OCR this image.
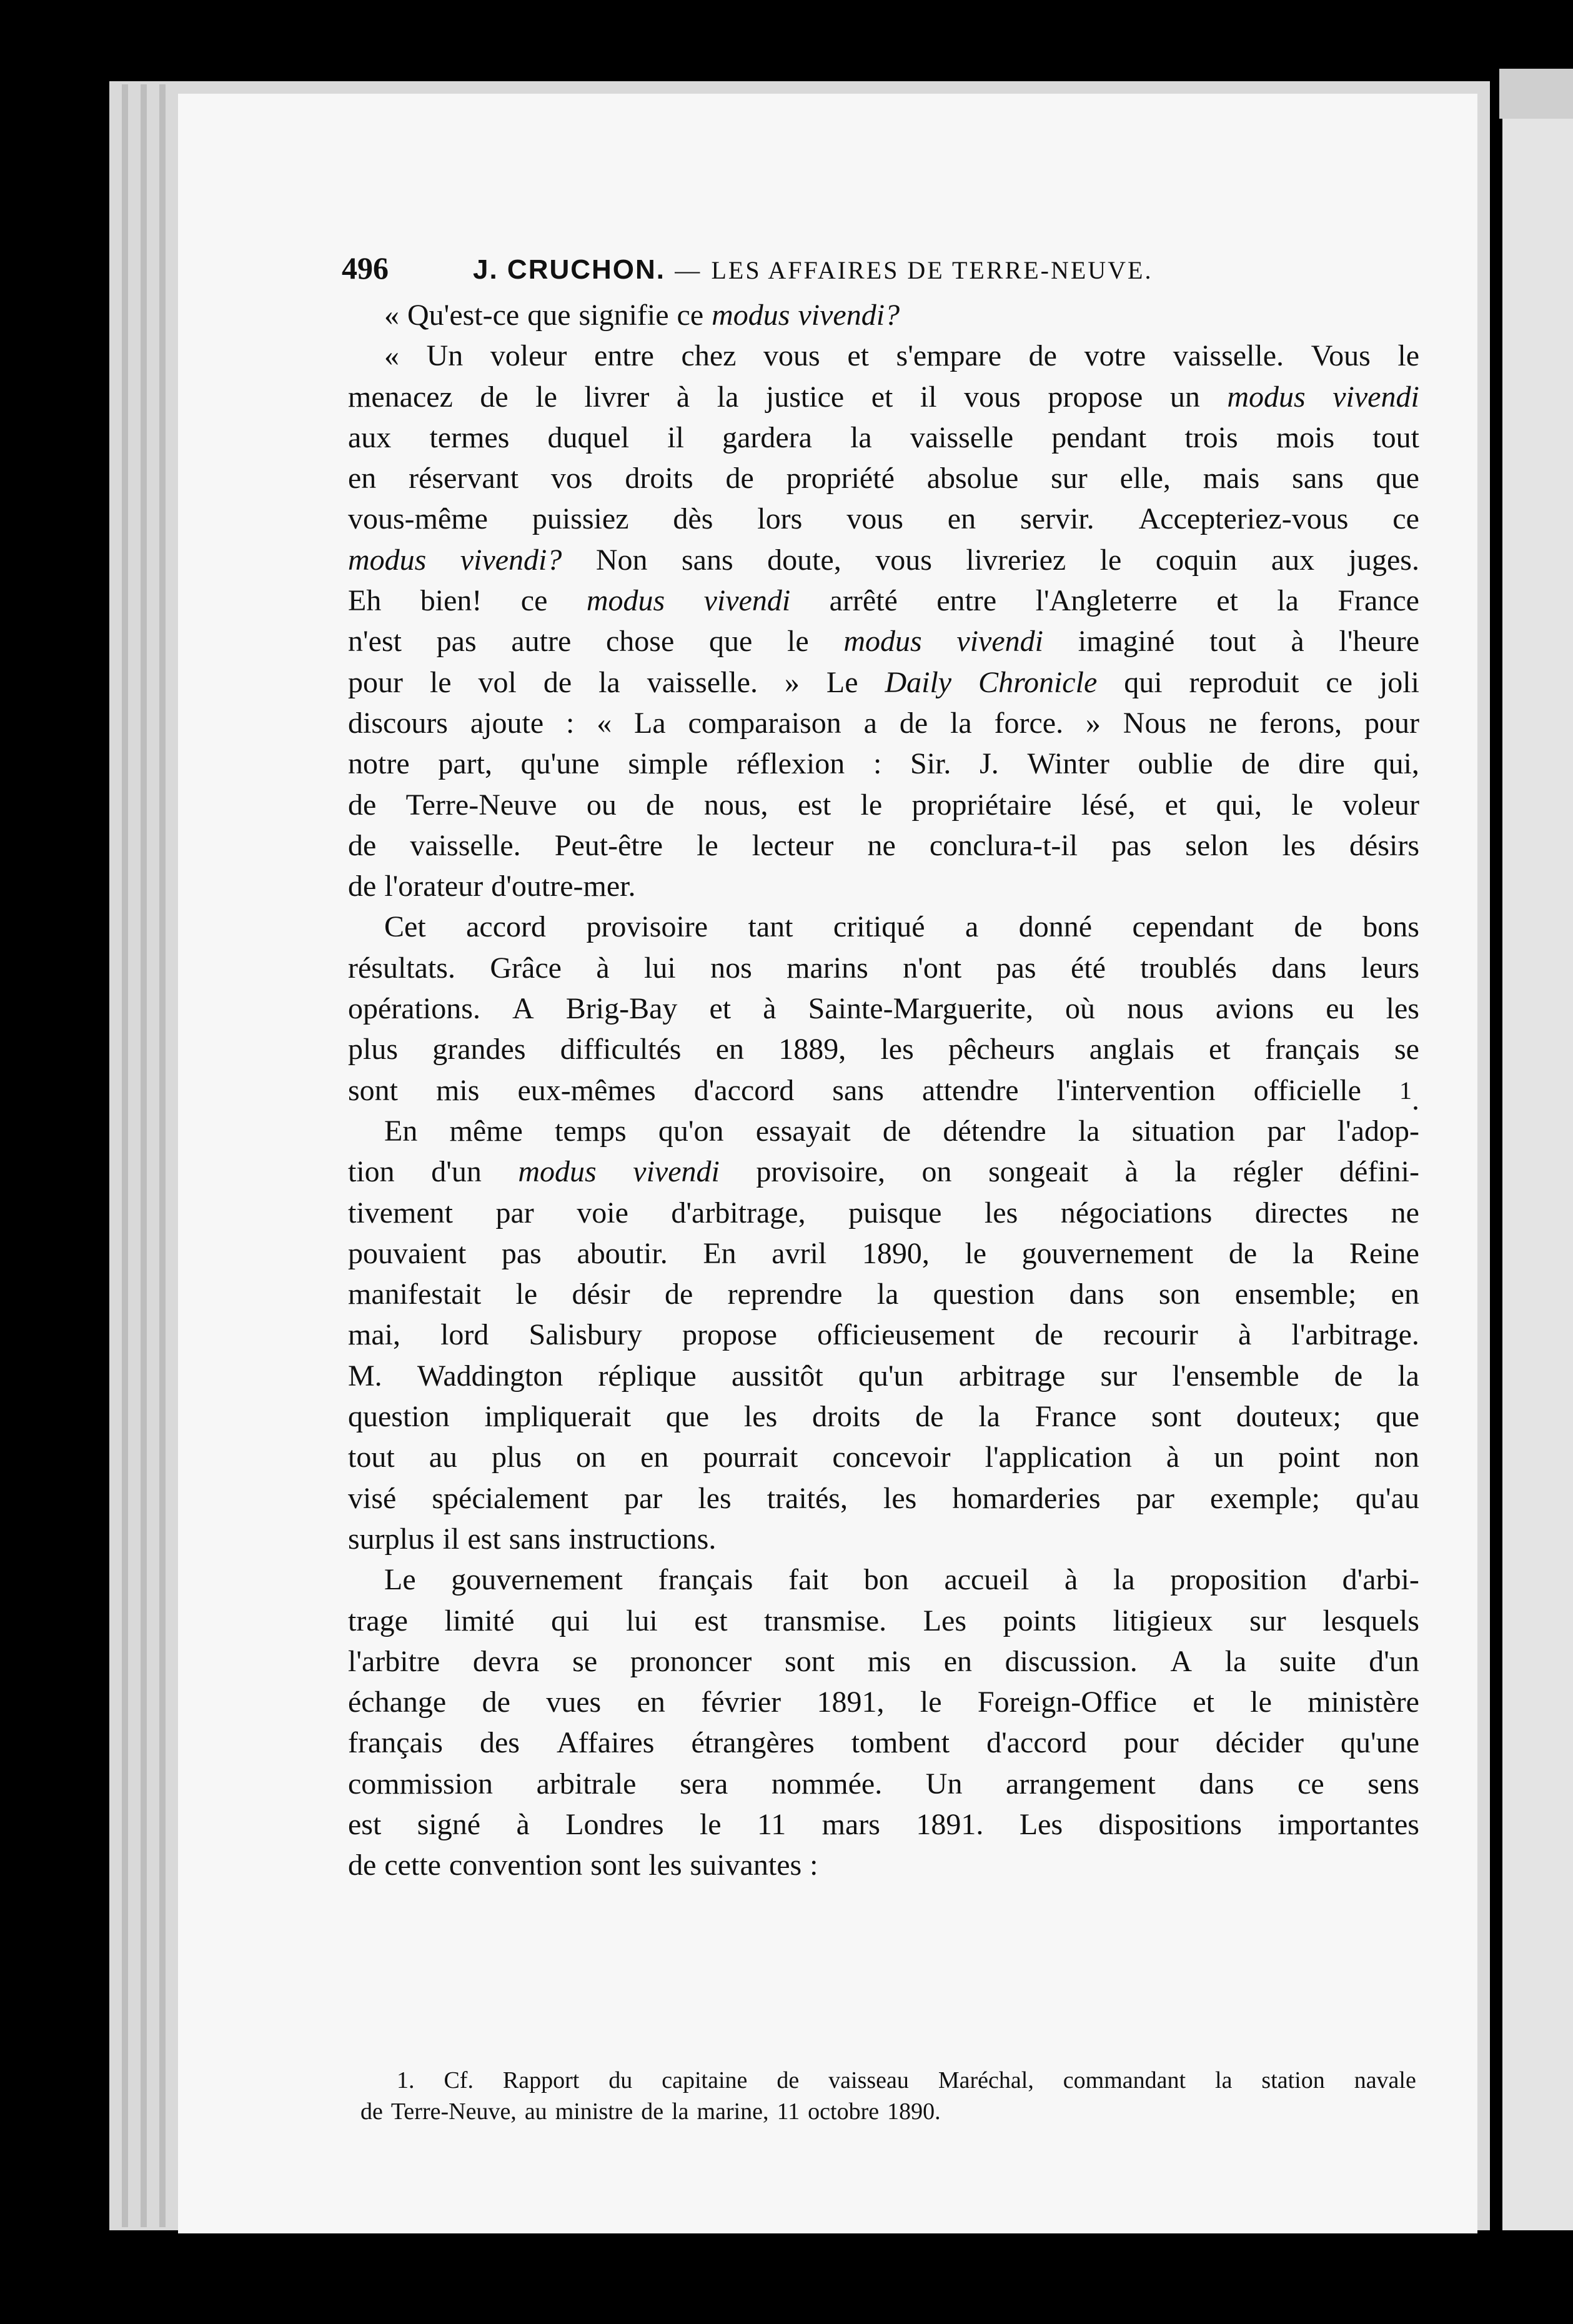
496	J. CRUCHON. — LES AFFAIRES DE TERRE-NEUVE.
« Qu'est-ce que signifie ce modus vivendi?
« Un voleur entre chez vous et s'empare de votre vaisselle. Vous le
menacez de le livrer à la justice et il vous propose un modus vivendi
aux termes duquel il gardera la vaisselle pendant trois mois tout
en réservant vos droits de propriété absolue sur elle, mais sans que
vous-même puissiez dès lors vous en servir. Accepteriez-vous ce
modus vivendi? Non sans doute, vous livreriez le coquin aux juges.
Eh bien! ce modus vivendi arrêté entre l'Angleterre et la France
n'est pas autre chose que le modus vivendi imaginé tout à l'heure
pour le vol de la vaisselle. » Le Daily Chronicle qui reproduit ce joli
discours ajoute : « La comparaison a de la force. » Nous ne ferons, pour
notre part, qu'une simple réflexion : Sir. J. Winter oublie de dire qui,
de Terre-Neuve ou de nous, est le propriétaire lésé, et qui, le voleur
de vaisselle. Peut-être le lecteur ne conclura-t-il pas selon les désirs
de l'orateur d'outre-mer.
Cet accord provisoire tant critiqué a donné cependant de bons
résultats. Grâce à lui nos marins n'ont pas été troublés dans leurs
opérations. A Brig-Bay et à Sainte-Marguerite, où nous avions eu les
plus grandes difficultés en 1889, les pêcheurs anglais et français se
sont mis eux-mêmes d'accord sans attendre l'intervention officielle $^1$.
En même temps qu'on essayait de détendre la situation par l'adop-
tion d'un modus vivendi provisoire, on songeait à la régler défini-
tivement par voie d'arbitrage, puisque les négociations directes ne
pouvaient pas aboutir. En avril 1890, le gouvernement de la Reine
manifestait le désir de reprendre la question dans son ensemble; en
mai, lord Salisbury propose officieusement de recourir à l'arbitrage.
M. Waddington réplique aussitôt qu'un arbitrage sur l'ensemble de la
question impliquerait que les droits de la France sont douteux; que
tout au plus on en pourrait concevoir l'application à un point non
visé spécialement par les traités, les homarderies par exemple; qu'au
surplus il est sans instructions.
Le gouvernement français fait bon accueil à la proposition d'arbi-
trage limité qui lui est transmise. Les points litigieux sur lesquels
l'arbitre devra se prononcer sont mis en discussion. A la suite d'un
échange de vues en février 1891, le Foreign-Office et le ministère
français des Affaires étrangères tombent d'accord pour décider qu'une
commission arbitrale sera nommée. Un arrangement dans ce sens
est signé à Londres le 11 mars 1891. Les dispositions importantes
de cette convention sont les suivantes :
1. Cf. Rapport du capitaine de vaisseau Maréchal, commandant la station navale
de Terre-Neuve, au ministre de la marine, 11 octobre 1890.
